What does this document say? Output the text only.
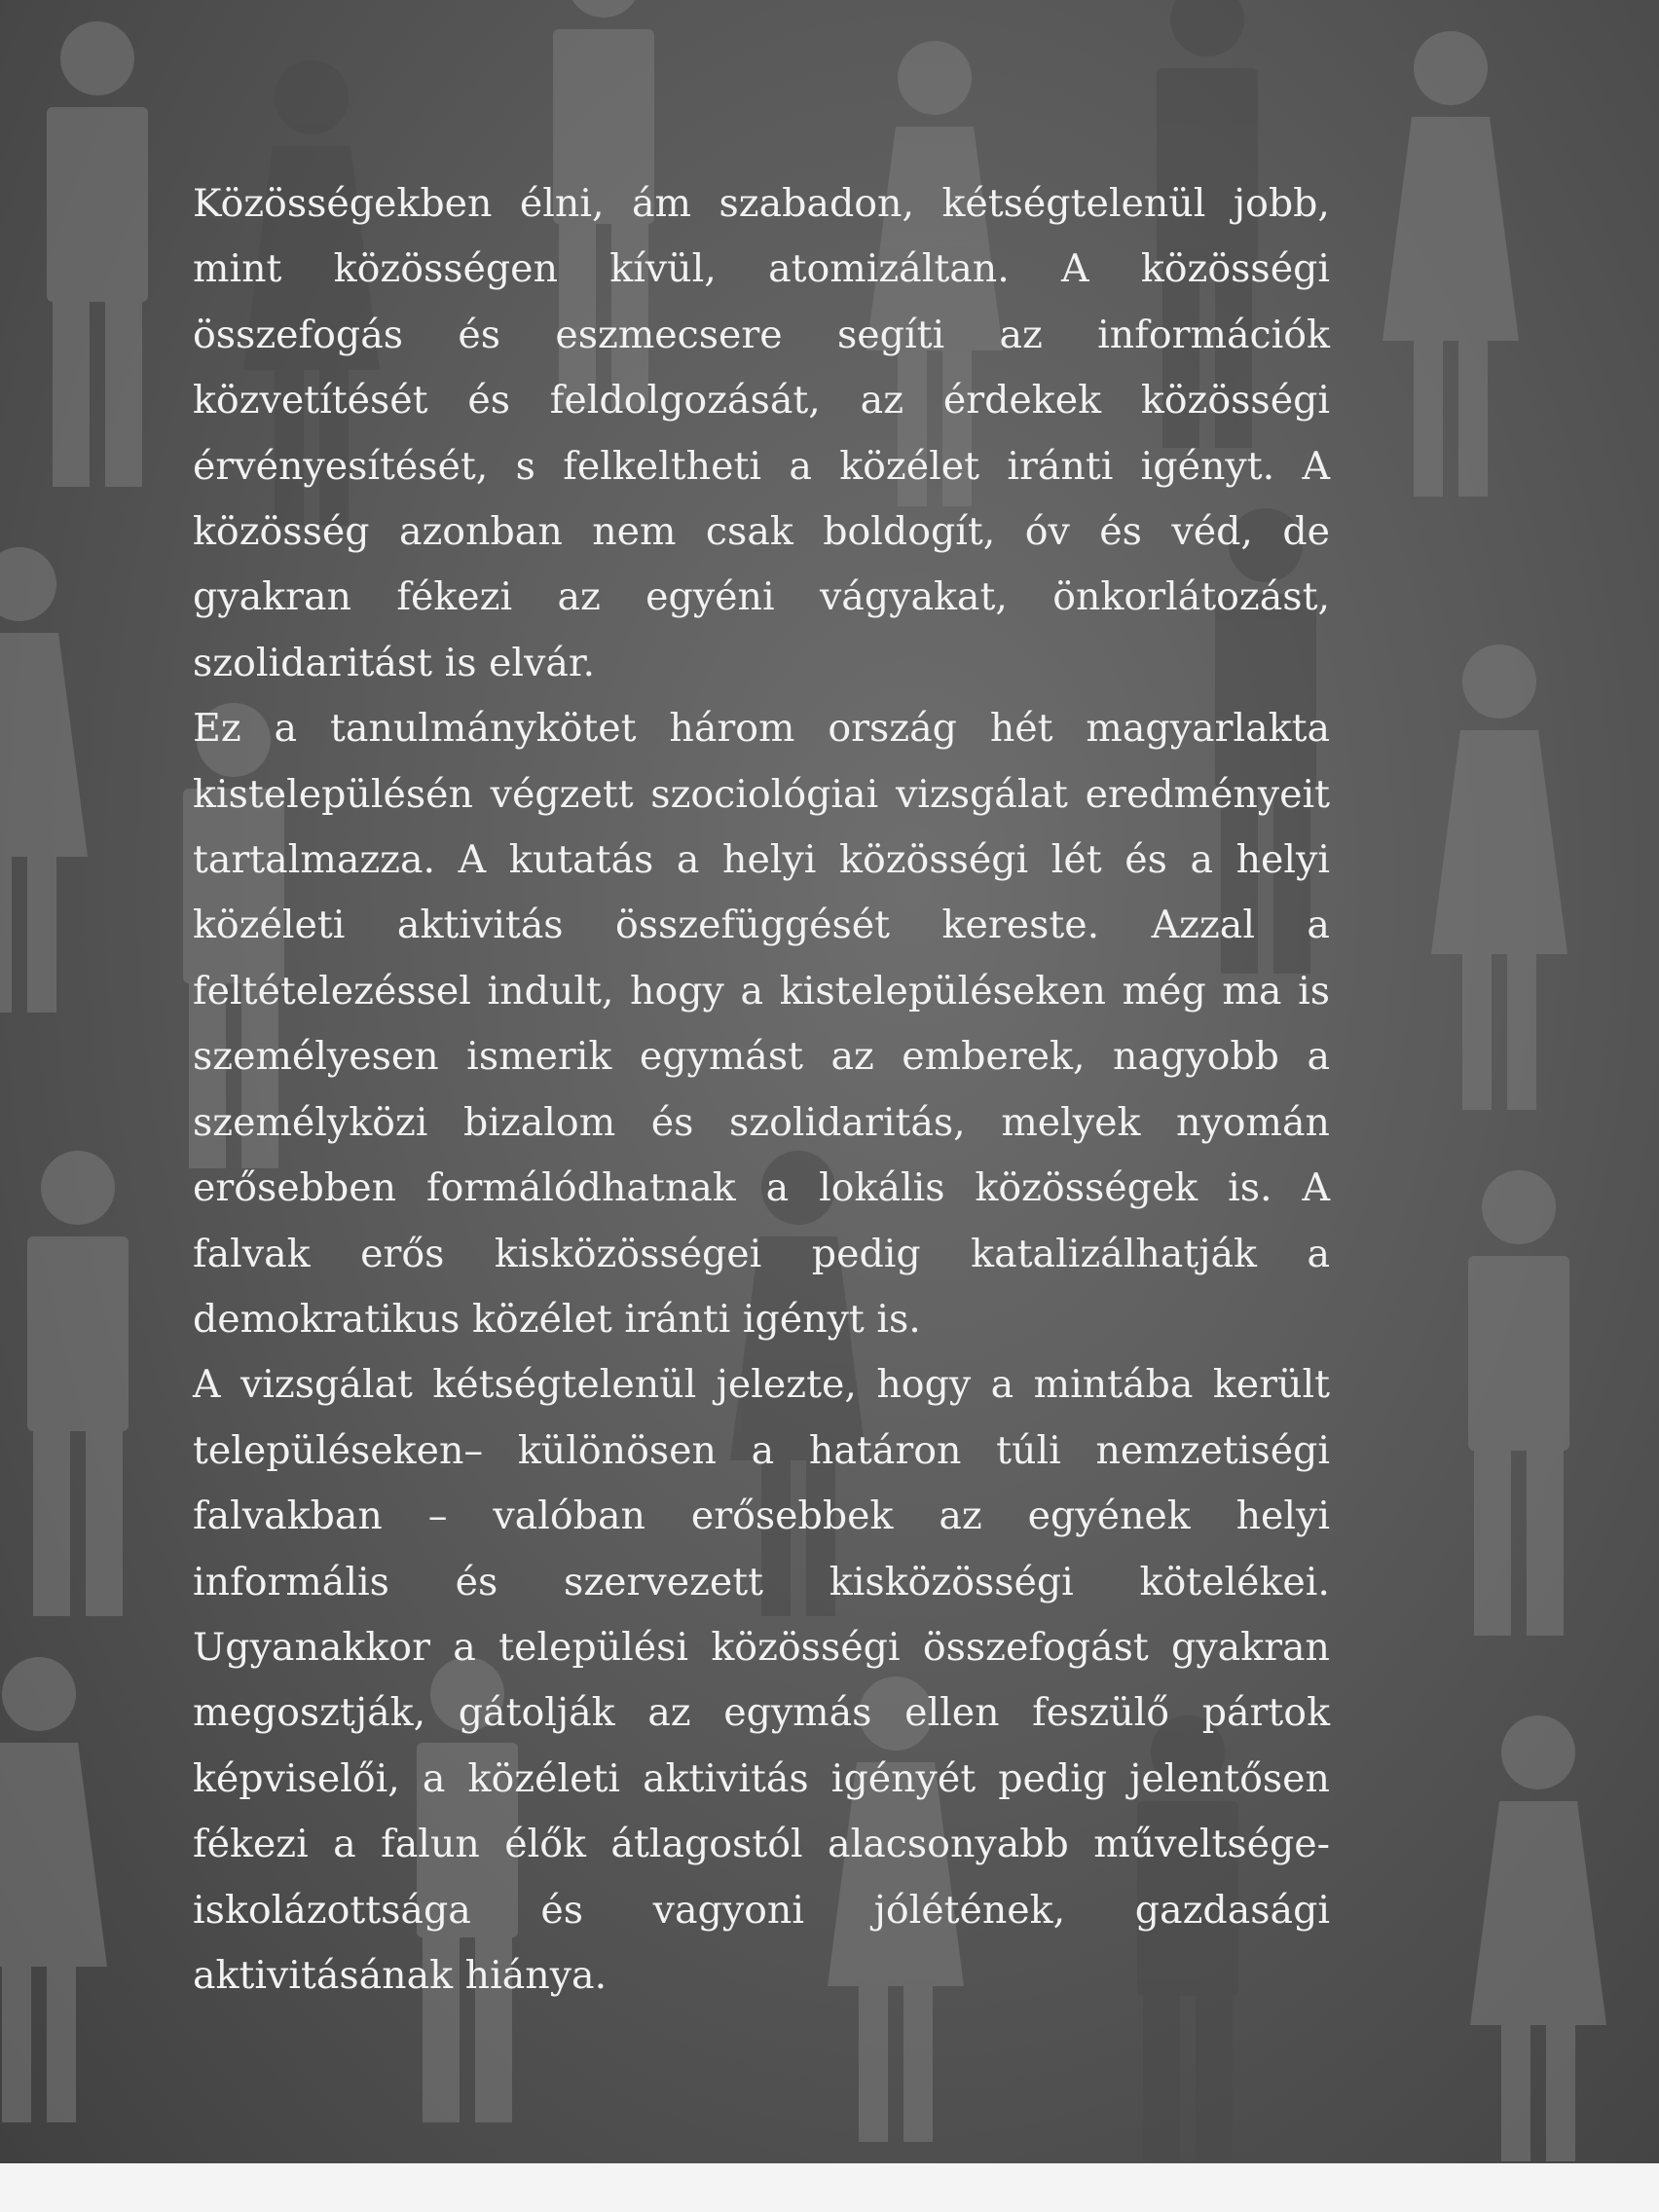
Közösségekben élni, ám szabadon, kétségtelenül jobb, mint közösségen kívül, atomizáltan. A közösségi összefogás és eszmecsere segíti az információk közvetítését és feldolgozását, az érdekek közösségi érvényesítését, s felkeltheti a közélet iránti igényt. A közösség azonban nem csak boldogít, óv és véd, de gyakran fékezi az egyéni vágyakat, önkorlátozást, szolidaritást is elvár.

Ez a tanulmánykötet három ország hét magyarlakta kistelepülésén végzett szociológiai vizsgálat eredményeit tartalmazza. A kutatás a helyi közösségi lét és a helyi közéleti aktivitás összefüggését kereste. Azzal a feltételezéssel indult, hogy a kistelepüléseken még ma is személyesen ismerik egymást az emberek, nagyobb a személyközi bizalom és szolidaritás, melyek nyomán erősebben formálódhatnak a lokális közösségek is. A falvak erős kisközösségei pedig katalizálhatják a demokratikus közélet iránti igényt is.

A vizsgálat kétségtelenül jelezte, hogy a mintába került településeken– különösen a határon túli nemzetiségi falvakban – valóban erősebbek az egyének helyi informális és szervezett kisközösségi kötelékei. Ugyanakkor a települési közösségi összefogást gyakran megosztják, gátolják az egymás ellen feszülő pártok képviselői, a közéleti aktivitás igényét pedig jelentősen fékezi a falun élők átlagostól alacsonyabb műveltsége-iskolázottsága és vagyoni jólétének, gazdasági aktivitásának hiánya.
